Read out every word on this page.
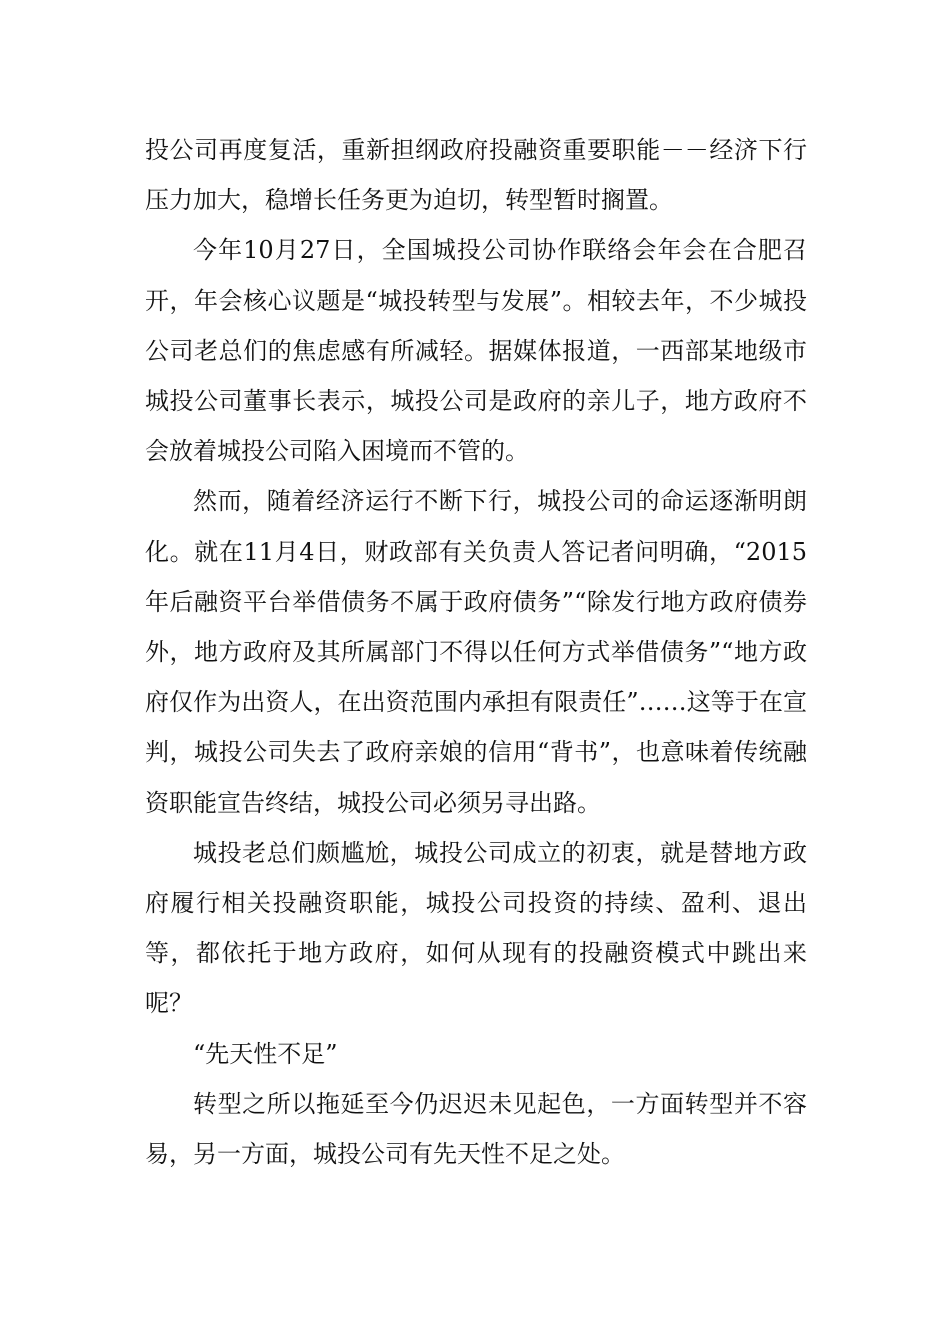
投公司再度复活，重新担纲政府投融资重要职能－－经济下行压力加大，稳增长任务更为迫切，转型暂时搁置。

今年10月27日，全国城投公司协作联络会年会在合肥召开，年会核心议题是“城投转型与发展”。相较去年，不少城投公司老总们的焦虑感有所减轻。据媒体报道，一西部某地级市城投公司董事长表示，城投公司是政府的亲儿子，地方政府不会放着城投公司陷入困境而不管的。

然而，随着经济运行不断下行，城投公司的命运逐渐明朗化。就在11月4日，财政部有关负责人答记者问明确，“2015年后融资平台举借债务不属于政府债务”“除发行地方政府债券外，地方政府及其所属部门不得以任何方式举借债务”“地方政府仅作为出资人，在出资范围内承担有限责任”……这等于在宣判，城投公司失去了政府亲娘的信用“背书”，也意味着传统融资职能宣告终结，城投公司必须另寻出路。

城投老总们颇尴尬，城投公司成立的初衷，就是替地方政府履行相关投融资职能，城投公司投资的持续、盈利、退出等，都依托于地方政府，如何从现有的投融资模式中跳出来呢？

“先天性不足”

转型之所以拖延至今仍迟迟未见起色，一方面转型并不容易，另一方面，城投公司有先天性不足之处。
